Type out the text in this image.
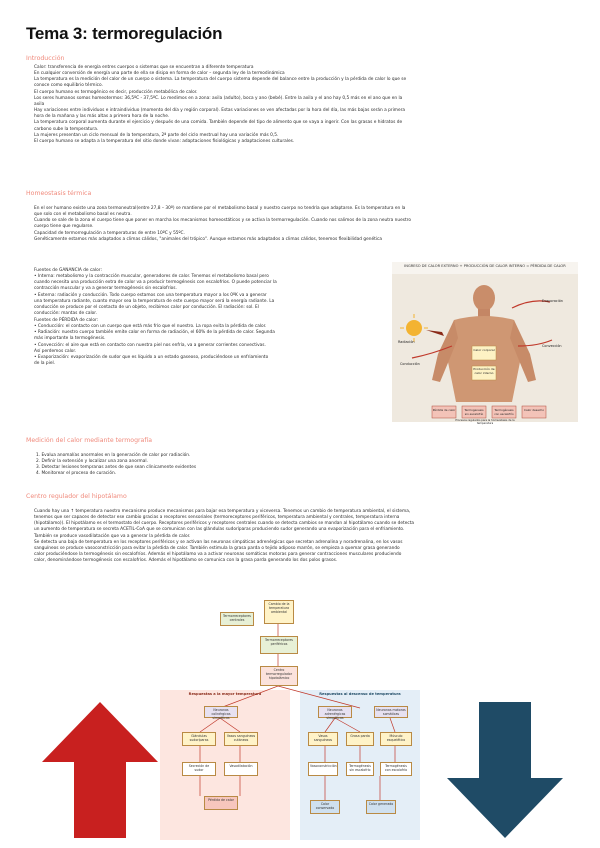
Tema 3: termoregulación
Introducción

Calor: transferencia de energía entres cuerpos o sistemas que se encuentran a diferente temperatura

En cualquier conversión de energía una parte de ella se disipa en forma de calor – segunda ley de la termodinámica

La temperatura es la medición del calor de un cuerpo o sistema. La temperatura del cuerpo sistema depende del balance entre la producción y la pérdida de calor lo que se

conoce como equilibrio térmico.

El cuerpo humano es termogénico es decir, producción metabólica de calor.

Los seres humanos somos homeotermos: 36,5ºC - 37,5ºC. Lo medimos en a zona: axila (adulto), boca y ano (bebé). Entre la axila y el ano hay 0,5 más en el ano que en la

axila

Hay variaciones entre individuos e intraindividuo (momento del día y región corporal). Estas variaciones se ven afectadas por la hora del día, las más bajas serán a primera

hora de la mañana y las más altas a primera hora de la noche.

La temperatura corporal aumenta durante el ejercicio y después de una comida. También depende del tipo de alimento que se vaya a ingerir. Con las grasas e hidratos de

carbono sube la temperatura.

La mujeres presentan un ciclo mensual de la temperatura, 2ª parte del ciclo mestrual hay una variación más 0,5.

El cuerpo humano se adapta a la temperatura del sitio donde vivan: adaptaciones fisiológicas y adaptaciones culturales.

Homeostasis térmica

En el ser humano existe una zona termoneutral(entre 27,8 – 30º) se mantiene por el metabolismo basal y nuestro cuerpo no tendría que adaptarse. Es la temperatura en la

que solo con el metabolismo basal es neutra.

Cuando se sale de la zona el cuerpo tiene que poner en marcha los mecanismos homeostáticos y se activa la termorregulación. Cuando nos salimos de la zona neutra nuestro

cuerpo tiene que regularse.

Capacidad de termorregulación a temperaturas de entre 10ºC y 55ºC.

Genéticamente estamos más adaptados a climas cálidos, "animales del trópico". Aunque estamos más adaptados a climas cálidos, tenemos flexibilidad genética

Fuentes de GANANCIA de calor:

• Interna: metabolismo y la contracción muscular, generadores de calor. Tenemos el metabolismo basal pero

cuando necesita una producción extra de calor va a producir termogénesis con escalofríos. O puede potenciar la

contracción muscular y va a generar termogénesis sin escalofríos.

• Externa: radiación y conducción. Todo cuerpo estamos con una temperatura mayor a los 0ºK va a generar

una temperatura radiante, cuanto mayor sea la temperatura de este cuerpo mayor será la energía radiante. La

conducción se produce por el contacto de un objeto, recibimos calor por conducción. El radiación: sol. El

conducción: mantas de calor.

Fuentes de PÉRDIDA de calor:

• Conducción: el contacto con un cuerpo que está más frío que el nuestro. La ropa evita la pérdida de calor.

• Radiación: nuestro cuerpo también emite calor en forma de radiación, el 60% de la pérdida de calor. Segunda

más importante la termogénesis.

• Convección: el aire que está en contacto con nuestra piel nos enfría, va a generar corrientes convectivas.

Así perdemos calor.

• Evaporización: evaporización de sudor que es líquido a un estado gaseoso, produciéndose un enfriamiento

de la piel.

INGRESO DE CALOR EXTERNO + PRODUCCIÓN DE CALOR INTERNO = PÉRDIDA DE CALOR
Evaporación
Radiación
Conducción
Convección
Calor corporal
Producción de calor interno
Pérdida de calor	Termogenesis sin escalofrío
Termogénesis con escalofrío
Calor desecho
Procesos regulados para la homeostasis de la temperatura
Medición del calor mediante termografía

1. Evalua anomalías anormales en la generación de calor por radiación.

2. Definir la extensión y localizar una zona anormal.

3. Detectar lesiones tempranas antes de que sean clínicamente evidentes

4. Monitorear el proceso de curación.

Centro regulador del hipotálamo

Cuando hay una ↑ temperatura nuestro mecanismo produce mecanismos para bajar esa temperatura y viceversa. Tenemos un cambio de temperatura ambiental, el sistema,

tenemos que ser capaces de detectar ese cambio gracias a receptores sensoriales (termoreceptores periféricos, temperatura ambiental y centrales, temperatura interna

(hipotálamo)). El hipotálamo es el termostato del cuerpo. Receptores periféricos y receptores centrales cuando se detecta cambios se mandan al hipotálamo cuando se detecta

un aumento de temperatura se secreta ACETIL-CoA que se comunican con las glándulas sudoríparas produciendo sudor generando una evaporización para el enfriamiento.

También se produce vasodilatación que va a generar la pérdida de calor.

Se detecta una baja de temperatura en los receptores periféricos y se activan las neuronas simpáticas adrenérgicas que secretan adrenalina y noradrenalina, en los vasos

sanguíneos se produce vasoconstricción para evitar la pérdida de calor. También estimula la grasa parda o tejido adiposo marrón, se empieza a quemar grasa generando

calor produciéndose la termogénesis sin escalofríos. Además el hipotálamo va a activar neuronas somáticas motoras para generar contracciones musculares produciendo

calor, denominándose termogénesis con escalofríos. Además el hipotálamo se comunica con la grasa parda generando los dos polos grasos.

Cambio de la temperatura ambiental
Termorreceptores periféricos
Centro termorregulador hipotalámico
Termorreceptores centrales
Respuestas a la mayor temperatura	Respuestas al descenso de temperatura
Neuronas colinérgicas simpáticas
Glándulas sudoríparas
Vasos sanguíneos cutáneos
Secreción de sudor
Vasodilatación
Pérdida de calor
Neuronas adrenérgicas simpáticas
Neuronas motoras somáticas
Vasos sanguíneos
Grasa parda	Músculo esquelético
Vasoconstricción	Termogénesis sin escalofrío
Termogénesis con escalofrío
Calor conservado
Calor generado
